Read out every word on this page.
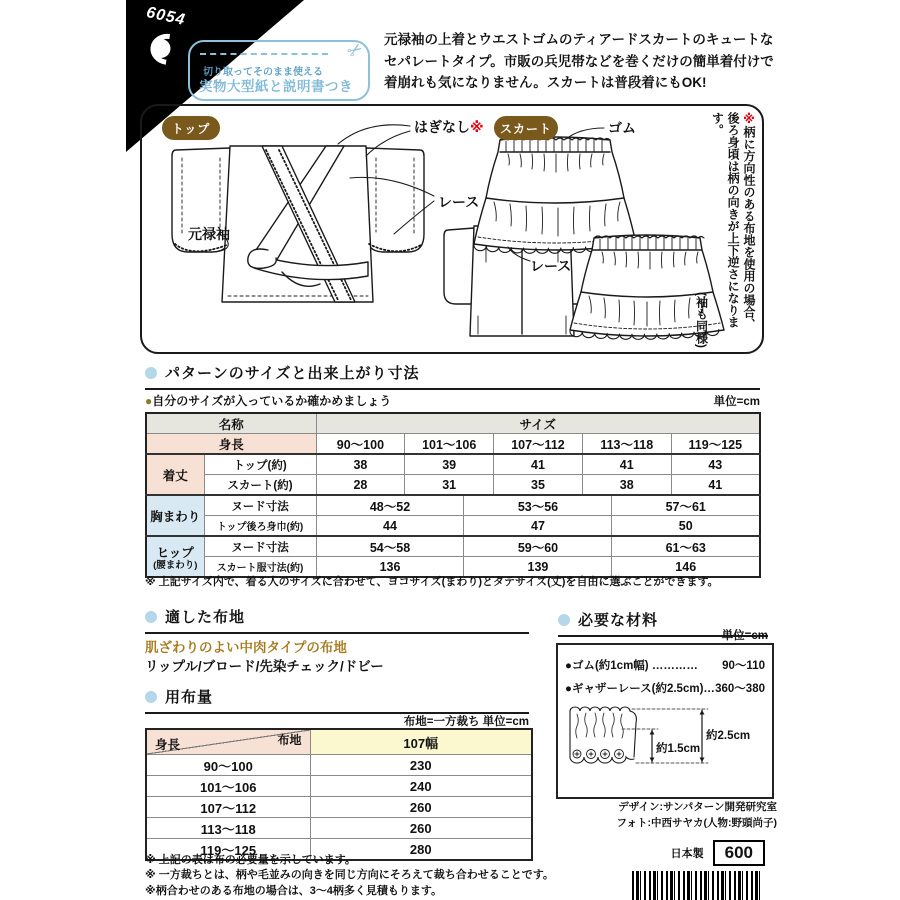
6054
✂
切り取ってそのまま使える
実物大型紙と説明書つき
元禄袖の上着とウエストゴムのティアードスカートのキュートなセパレートタイプ。市販の兵児帯などを巻くだけの簡単着付けで着崩れも気になりません。スカートは普段着にもOK!
トップ	スカート
はぎなし※
レース
元禄袖
ゴム
レース
※柄に方向性のある布地を使用の場合、
後ろ身頃は柄の向きが上下逆さになります。
(袖も同様)
パターンのサイズと出来上がり寸法
●自分のサイズが入っているか確かめましょう	単位=cm
名称		サイズ						
身長		90〜100	101〜106		107〜112	113〜118		119〜125
着丈	トップ(約)	38	39		41	41		43
	スカート(約)	28	31		35	38		41
胸まわり	ヌード寸法	48〜52		53〜56			57〜61	
	トップ後ろ身巾(約)	44		47			50	

ヒップ
(腰まわり)	ヌード寸法	54〜58		59〜60			61〜63	
	スカート服寸法(約)	136		139			146	
※ 上記サイズ内で、着る人のサイズに合わせて、ヨコサイズ(まわり)とタテサイズ(丈)を自由に選ぶことができます。
適した布地
肌ざわりのよい中肉タイプの布地
リップル/ブロード/先染チェック/ドビー
用布量
布地=一方裁ち 単位=cm
布地
身長	107幅
90〜100	230
101〜106	240
107〜112	260
113〜118	260
119〜125	280
※ 上記の表は布の必要量を示しています。
※ 一方裁ちとは、柄や毛並みの向きを同じ方向にそろえて裁ち合わせることです。
※柄合わせのある布地の場合は、3〜4柄多く見積もります。
必要な材料
単位=cm
●ゴム(約1cm幅) ………… 90〜110
●ギャザーレース(約2.5cm)… 360〜380
約1.5cm
約2.5cm
デザイン:サンパターン開発研究室
フォト:中西サヤカ(人物:野頭尚子)
日本製	600
